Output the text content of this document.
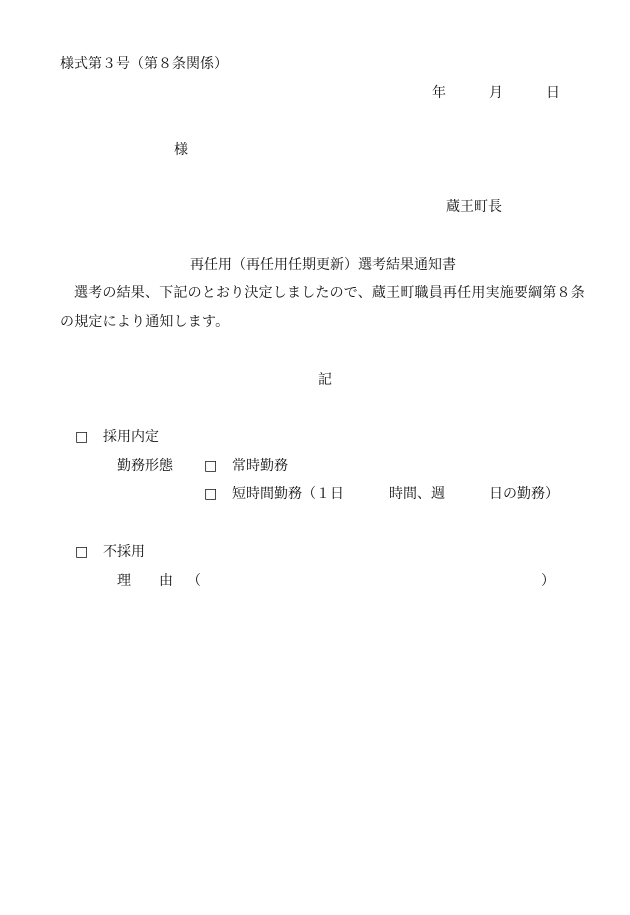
様式第３号（第８条関係）
年	月	日
様
蔵王町長
再任用（再任用任期更新）選考結果通知書
選考の結果、下記のとおり決定しましたので、蔵王町職員再任用実施要綱第８条
の規定により通知します。
記
□ 採用内定
勤務形態 □ 常時勤務
□ 短時間勤務（１日	時間、週	日の勤務）
□ 不採用
理　　由 （	）
